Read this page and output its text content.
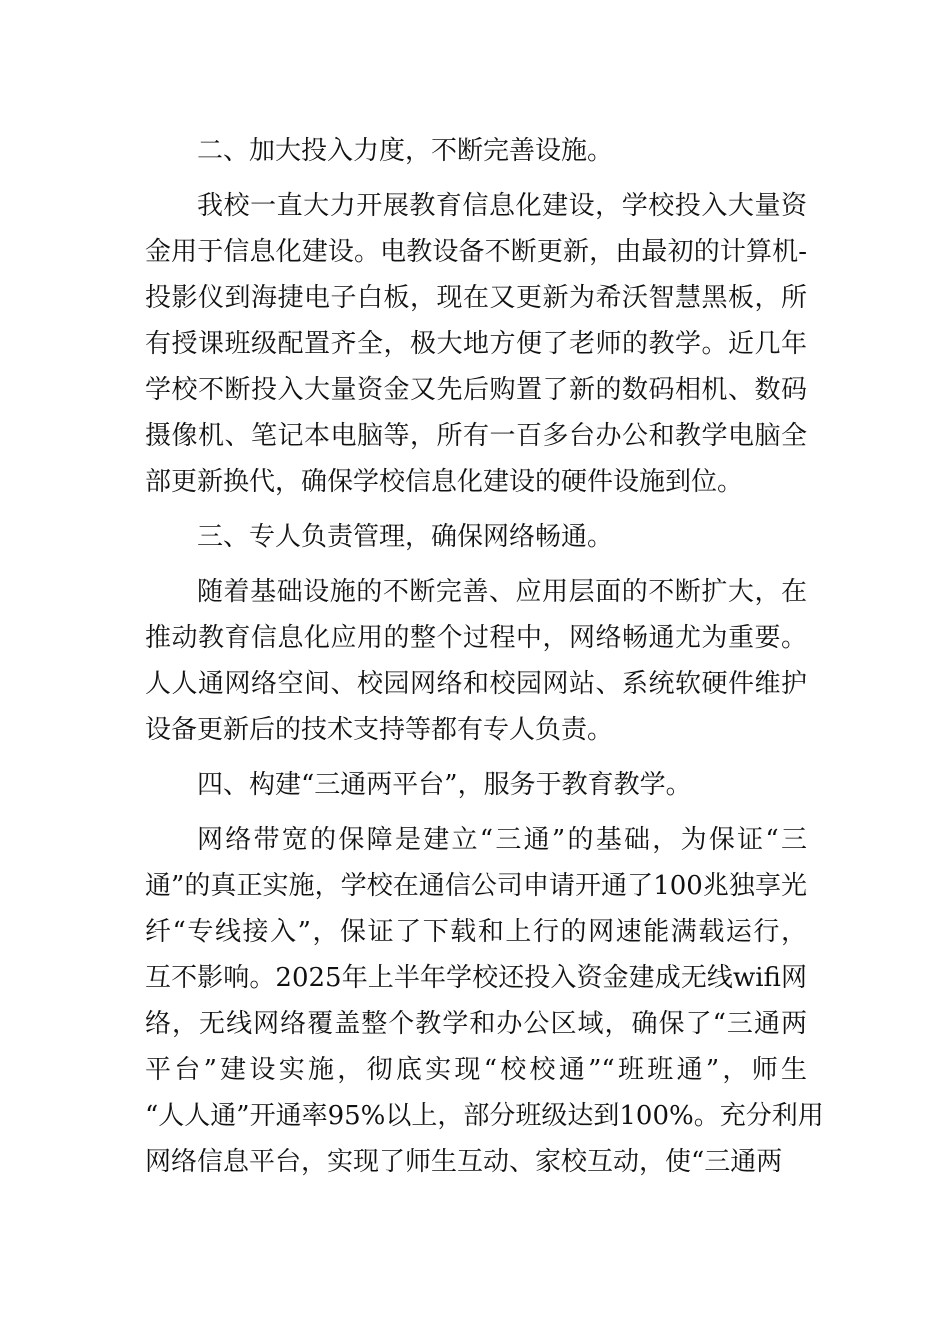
二、加大投入力度，不断完善设施。
我校一直大力开展教育信息化建设，学校投入大量资
金用于信息化建设。电教设备不断更新，由最初的计算机-
投影仪到海捷电子白板，现在又更新为希沃智慧黑板，所
有授课班级配置齐全，极大地方便了老师的教学。近几年
学校不断投入大量资金又先后购置了新的数码相机、数码
摄像机、笔记本电脑等，所有一百多台办公和教学电脑全
部更新换代，确保学校信息化建设的硬件设施到位。
三、专人负责管理，确保网络畅通。
随着基础设施的不断完善、应用层面的不断扩大，在
推动教育信息化应用的整个过程中，网络畅通尤为重要。
人人通网络空间、校园网络和校园网站、系统软硬件维护
设备更新后的技术支持等都有专人负责。
四、构建“三通两平台”，服务于教育教学。
网络带宽的保障是建立“三通”的基础，为保证“三
通”的真正实施，学校在通信公司申请开通了100兆独享光
纤“专线接入”，保证了下载和上行的网速能满载运行，
互不影响。2025年上半年学校还投入资金建成无线wifi网
络，无线网络覆盖整个教学和办公区域，确保了“三通两
平台”建设实施，彻底实现“校校通”“班班通”，师生
“人人通”开通率95%以上，部分班级达到100%。充分利用
网络信息平台，实现了师生互动、家校互动，使“三通两
